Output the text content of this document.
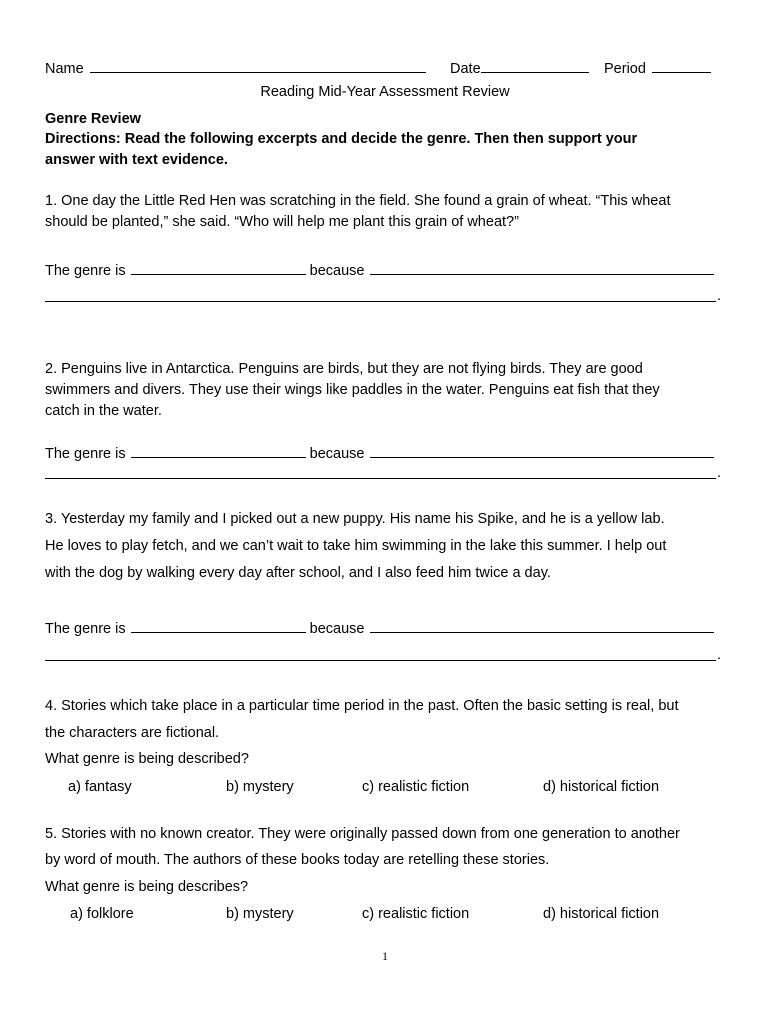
Name	Date	Period
Reading Mid-Year Assessment Review
Genre Review
Directions: Read the following excerpts and decide the genre. Then then support your
answer with text evidence.
1. One day the Little Red Hen was scratching in the field. She found a grain of wheat. “This wheat
should be planted,” she said. “Who will help me plant this grain of wheat?”
The genre is	because
.
2. Penguins live in Antarctica. Penguins are birds, but they are not flying birds. They are good
swimmers and divers. They use their wings like paddles in the water. Penguins eat fish that they
catch in the water.
The genre is	because
.
3. Yesterday my family and I picked out a new puppy. His name his Spike, and he is a yellow lab.
He loves to play fetch, and we can’t wait to take him swimming in the lake this summer. I help out
with the dog by walking every day after school, and I also feed him twice a day.
The genre is	because
.
4. Stories which take place in a particular time period in the past. Often the basic setting is real, but
the characters are fictional.
What genre is being described?
a) fantasy	b) mystery	c) realistic fiction	d) historical fiction
5. Stories with no known creator. They were originally passed down from one generation to another
by word of mouth. The authors of these books today are retelling these stories.
What genre is being describes?
a) folklore	b) mystery	c) realistic fiction	d) historical fiction
1
